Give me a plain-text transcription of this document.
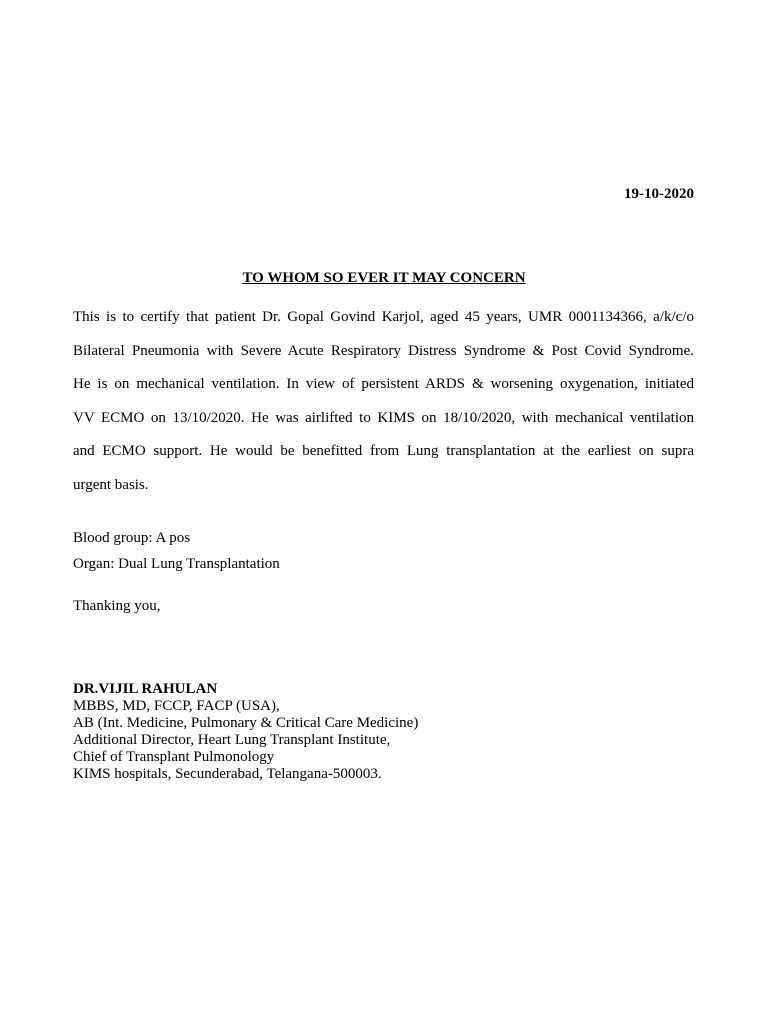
19-10-2020
TO WHOM SO EVER IT MAY CONCERN
This is to certify that patient Dr. Gopal Govind Karjol, aged 45 years, UMR 0001134366, a/k/c/o
Bilateral Pneumonia with Severe Acute Respiratory Distress Syndrome & Post Covid Syndrome.
He is on mechanical ventilation. In view of persistent ARDS & worsening oxygenation, initiated
VV ECMO on 13/10/2020. He was airlifted to KIMS on 18/10/2020, with mechanical ventilation
and ECMO support. He would be benefitted from Lung transplantation at the earliest on supra
urgent basis.
Blood group: A pos
Organ: Dual Lung Transplantation
Thanking you,
DR.VIJIL RAHULAN
MBBS, MD, FCCP, FACP (USA),
AB (Int. Medicine, Pulmonary & Critical Care Medicine)
Additional Director, Heart Lung Transplant Institute,
Chief of Transplant Pulmonology
KIMS hospitals, Secunderabad, Telangana-500003.
